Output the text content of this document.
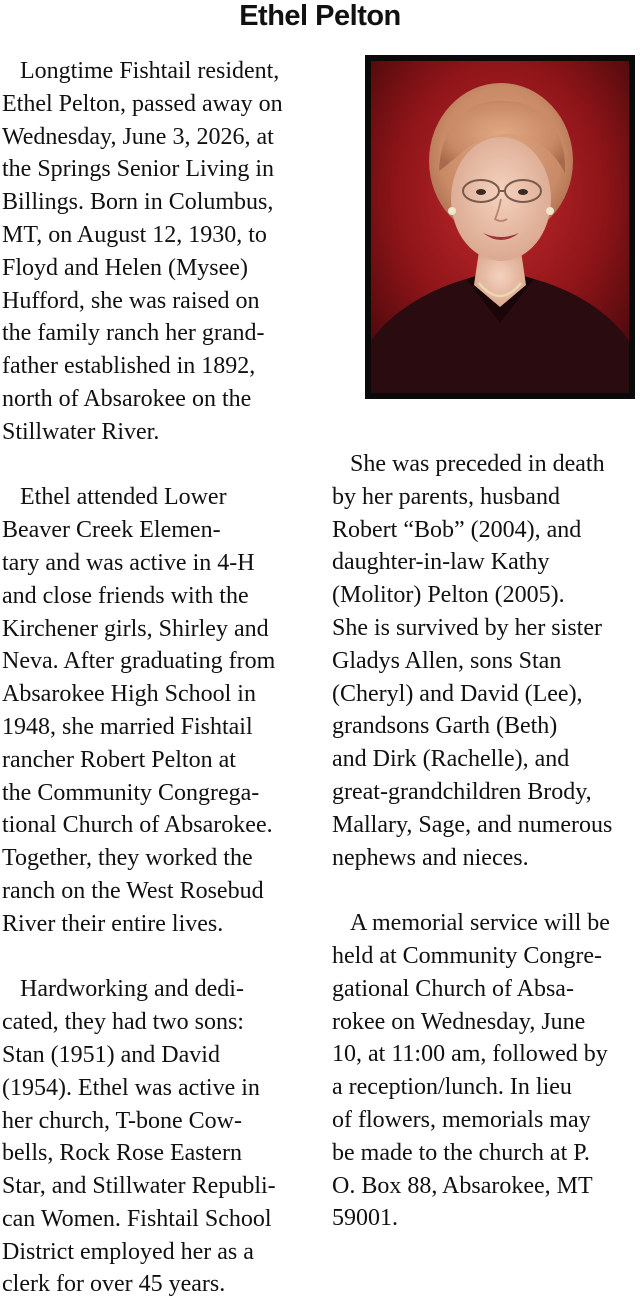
Ethel Pelton
Longtime Fishtail resident,
Ethel Pelton, passed away on
Wednesday, June 3, 2026, at
the Springs Senior Living in
Billings. Born in Columbus,
MT, on August 12, 1930, to
Floyd and Helen (Mysee)
Hufford, she was raised on
the family ranch her grand-
father established in 1892,
north of Absarokee on the
Stillwater River.
Ethel attended Lower
Beaver Creek Elemen-
tary and was active in 4-H
and close friends with the
Kirchener girls, Shirley and
Neva. After graduating from
Absarokee High School in
1948, she married Fishtail
rancher Robert Pelton at
the Community Congrega-
tional Church of Absarokee.
Together, they worked the
ranch on the West Rosebud
River their entire lives.
Hardworking and dedi-
cated, they had two sons:
Stan (1951) and David
(1954). Ethel was active in
her church, T-bone Cow-
bells, Rock Rose Eastern
Star, and Stillwater Republi-
can Women. Fishtail School
District employed her as a
clerk for over 45 years.
She was preceded in death
by her parents, husband
Robert “Bob” (2004), and
daughter-in-law Kathy
(Molitor) Pelton (2005).
She is survived by her sister
Gladys Allen, sons Stan
(Cheryl) and David (Lee),
grandsons Garth (Beth)
and Dirk (Rachelle), and
great-grandchildren Brody,
Mallary, Sage, and numerous
nephews and nieces.
A memorial service will be
held at Community Congre-
gational Church of Absa-
rokee on Wednesday, June
10, at 11:00 am, followed by
a reception/lunch. In lieu
of flowers, memorials may
be made to the church at P.
O. Box 88, Absarokee, MT
59001.
